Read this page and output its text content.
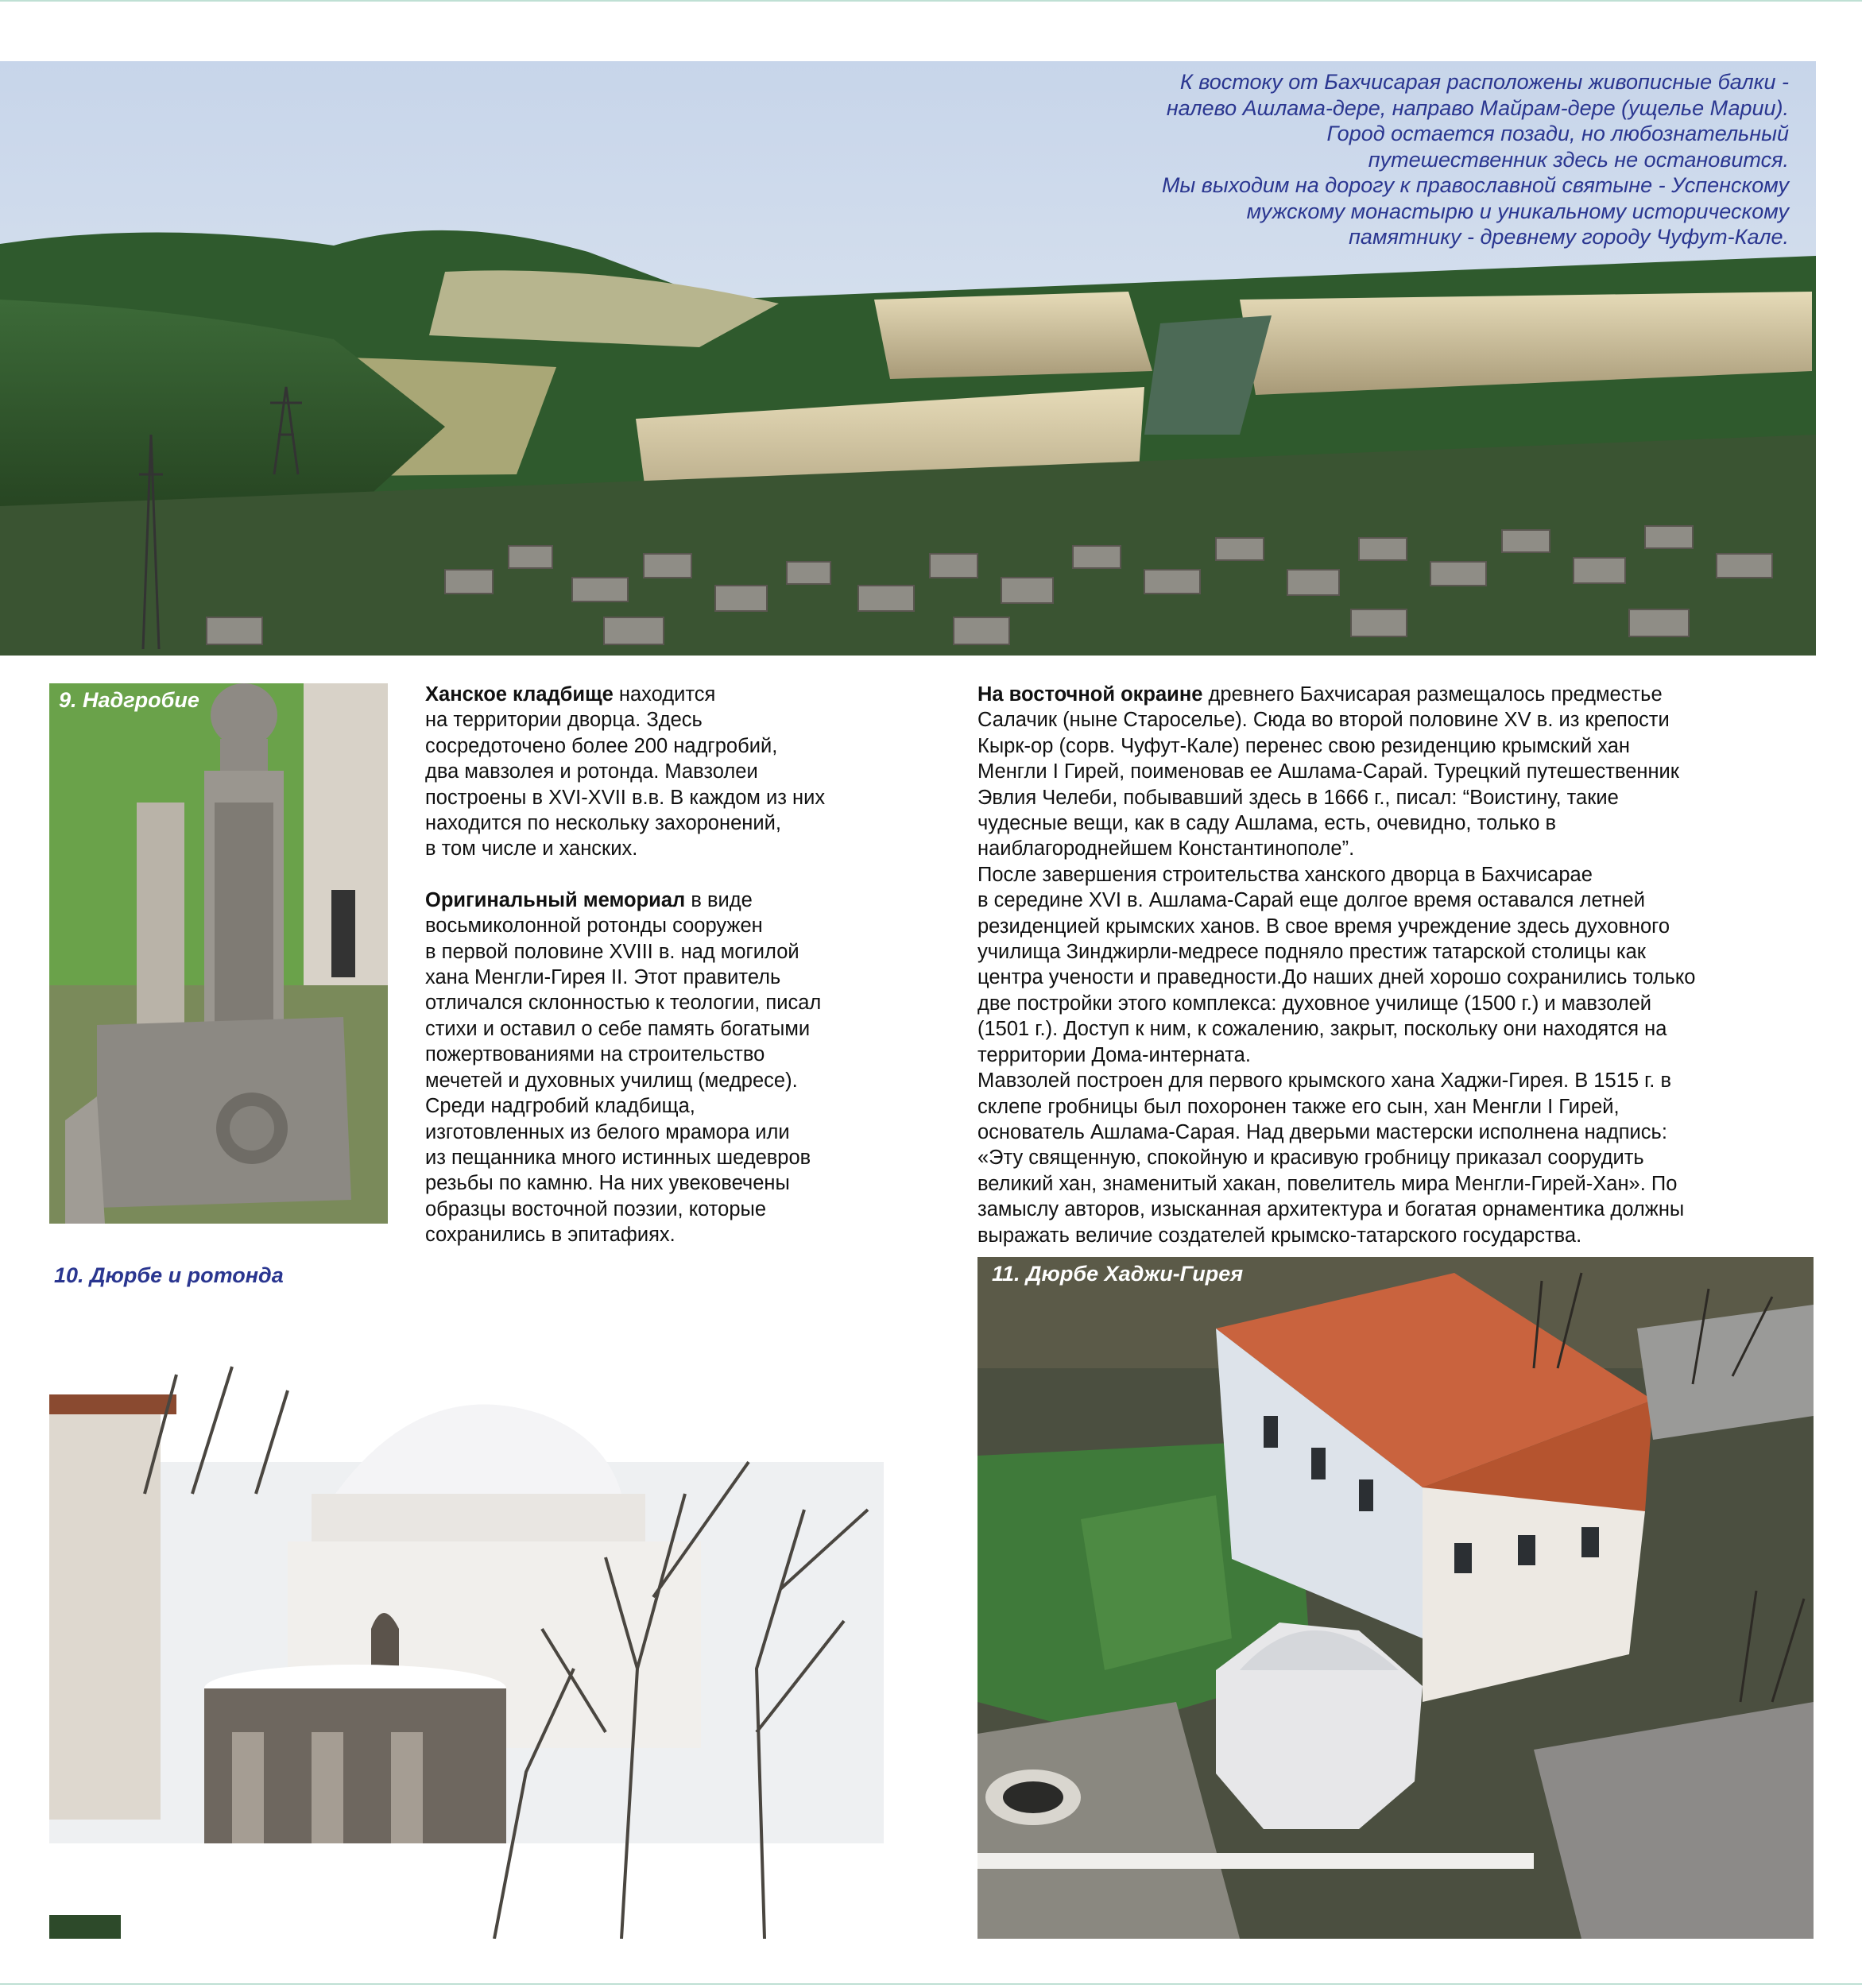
К востоку от Бахчисарая расположены живописные балки -
налево Ашлама-дере, направо Майрам-дере (ущелье Марии).
Город остается позади, но любознательный
путешественник здесь не остановится.
Мы выходим на дорогу к православной святыне - Успенскому
мужскому монастырю и уникальному историческому
памятнику - древнему городу Чуфут-Кале.
9. Надгробие	Ханское кладбище находится

на территории дворца. Здесь

сосредоточено более 200 надгробий,

два мавзолея и ротонда. Мавзолеи

построены в XVI-XVII в.в. В каждом из них

находится по нескольку захоронений,

в том числе и ханских.

Оригинальный мемориал в виде

восьмиколонной ротонды сооружен

в первой половине XVIII в. над могилой

хана Менгли-Гирея II. Этот правитель

отличался склонностью к теологии, писал

стихи и оставил о себе память богатыми

пожертвованиями на строительство

мечетей и духовных училищ (медресе).

Среди надгробий кладбища,

изготовленных из белого мрамора или

из пещанника много истинных шедевров

резьбы по камню. На них увековечены

образцы восточной поэзии, которые

сохранились в эпитафиях.

На восточной окраине древнего Бахчисарая размещалось предместье

Салачик (ныне Староселье). Сюда во второй половине XV в. из крепости

Кырк-ор (сорв. Чуфут-Кале) перенес свою резиденцию крымский хан

Менгли I Гирей, поименовав ее Ашлама-Сарай. Турецкий путешественник

Эвлия Челеби, побывавший здесь в 1666 г., писал: “Воистину, такие

чудесные вещи, как в саду Ашлама, есть, очевидно, только в

наиблагороднейшем Константинополе”.

После завершения строительства ханского дворца в Бахчисарае

в середине XVI в. Ашлама-Сарай еще долгое время оставался летней

резиденцией крымских ханов. В свое время учреждение здесь духовного

училища Зинджирли-медресе подняло престиж татарской столицы как

центра учености и праведности.До наших дней хорошо сохранились только

две постройки этого комплекса: духовное училище (1500 г.) и мавзолей

(1501 г.). Доступ к ним, к сожалению, закрыт, поскольку они находятся на

территории Дома-интерната.

Мавзолей построен для первого крымского хана Хаджи-Гирея. В 1515 г. в

склепе гробницы был похоронен также его сын, хан Менгли I Гирей,

основатель Ашлама-Сарая. Над дверьми мастерски исполнена надпись:

«Эту священную, спокойную и красивую гробницу приказал соорудить

великий хан, знаменитый хакан, повелитель мира Менгли-Гирей-Хан». По

замыслу авторов, изысканная архитектура и богатая орнаментика должны

выражать величие создателей крымско-татарского государства.

10. Дюрбе и ротонда	11. Дюрбе Хаджи-Гирея
